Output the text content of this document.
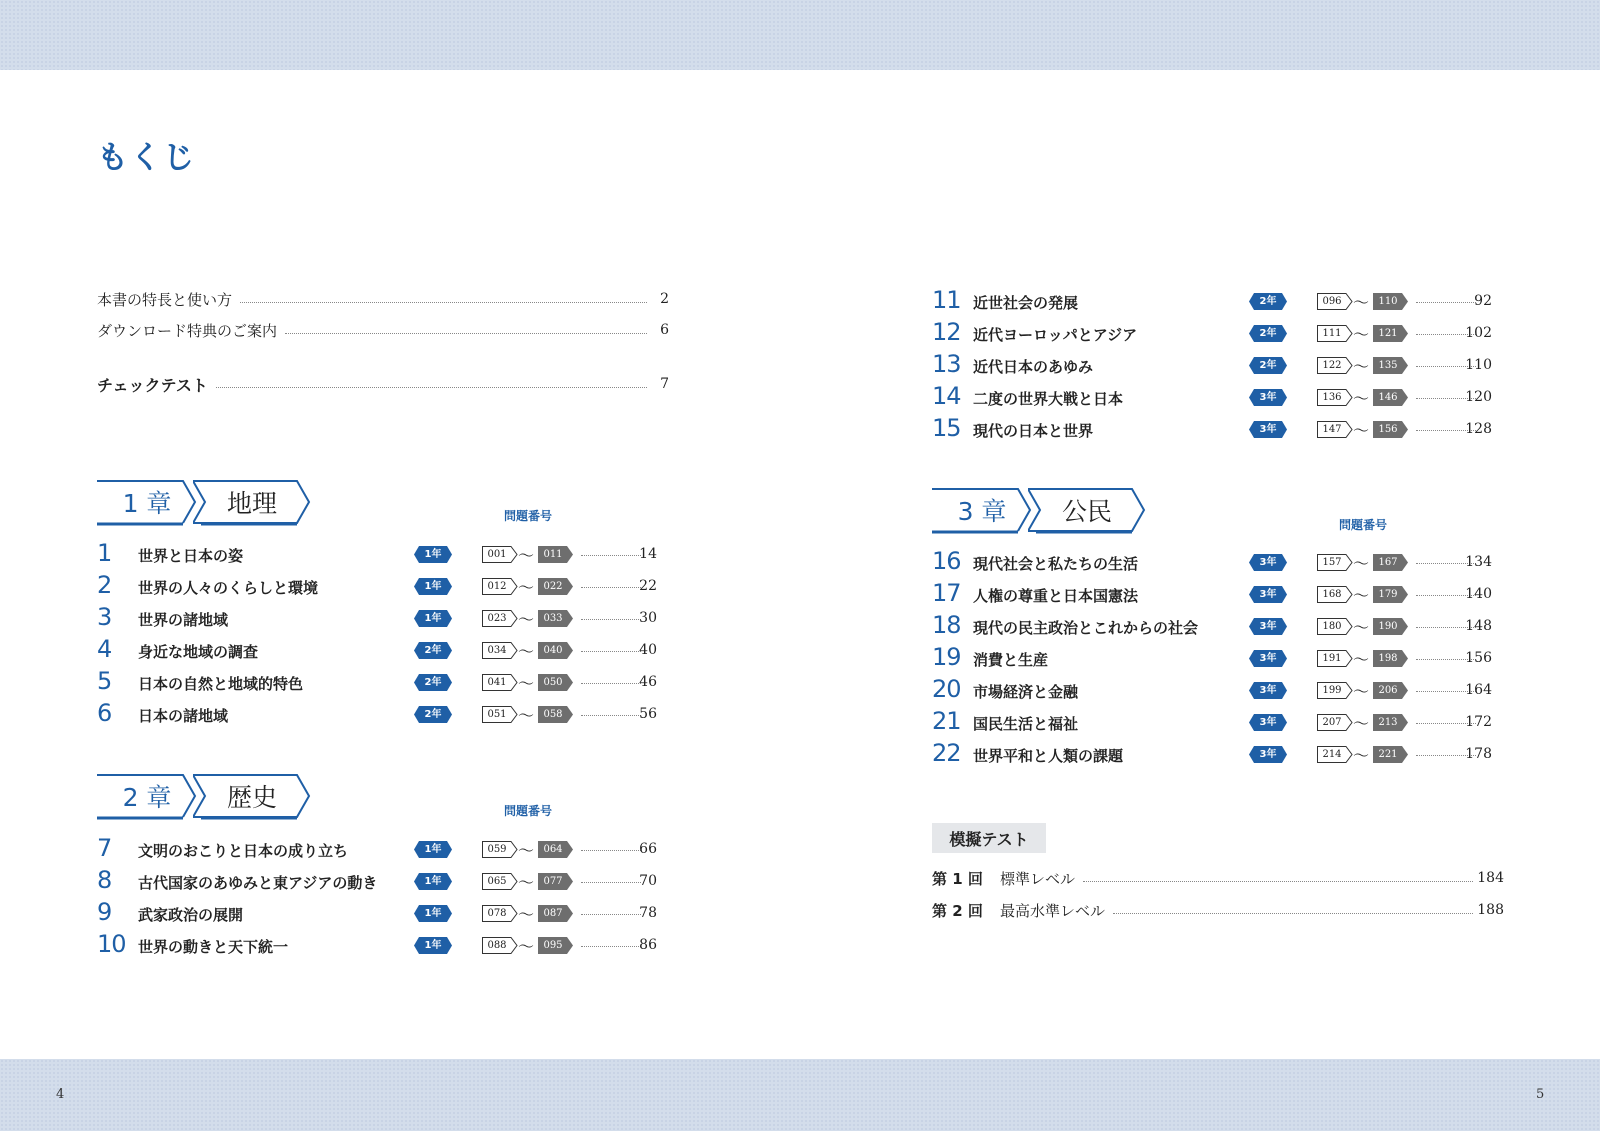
4	5
もくじ
本書の特長と使い方	2
ダウンロード特典のご案内	6
チェックテスト	7
1 章 地理	問題番号
2 章 歴史	問題番号
1 世界と日本の姿	1年	001 〜 011	14
2 世界の人々のくらしと環境	1年	012 〜 022	22
3 世界の諸地域	1年	023 〜 033	30
4 身近な地域の調査	2年	034 〜 040	40
5 日本の自然と地域的特色	2年	041 〜 050	46
6 日本の諸地域	2年	051 〜 058	56
7 文明のおこりと日本の成り立ち	1年	059 〜 064	66
8 古代国家のあゆみと東アジアの動き	1年	065 〜 077	70
9 武家政治の展開	1年	078 〜 087	78
10 世界の動きと天下統一	1年	088 〜 095	86
3 章 公民	問題番号
11 近世社会の発展	2年	096 〜 110	92
12 近代ヨーロッパとアジア	2年	111 〜 121	102
13 近代日本のあゆみ	2年	122 〜 135	110
14 二度の世界大戦と日本	3年	136 〜 146	120
15 現代の日本と世界	3年	147 〜 156	128
16 現代社会と私たちの生活	3年	157 〜 167	134
17 人権の尊重と日本国憲法	3年	168 〜 179	140
18 現代の民主政治とこれからの社会	3年	180 〜 190	148
19 消費と生産	3年	191 〜 198	156
20 市場経済と金融	3年	199 〜 206	164
21 国民生活と福祉	3年	207 〜 213	172
22 世界平和と人類の課題	3年	214 〜 221	178
模擬テスト
第 1 回	標準レベル	184
第 2 回	最高水準レベル	188
